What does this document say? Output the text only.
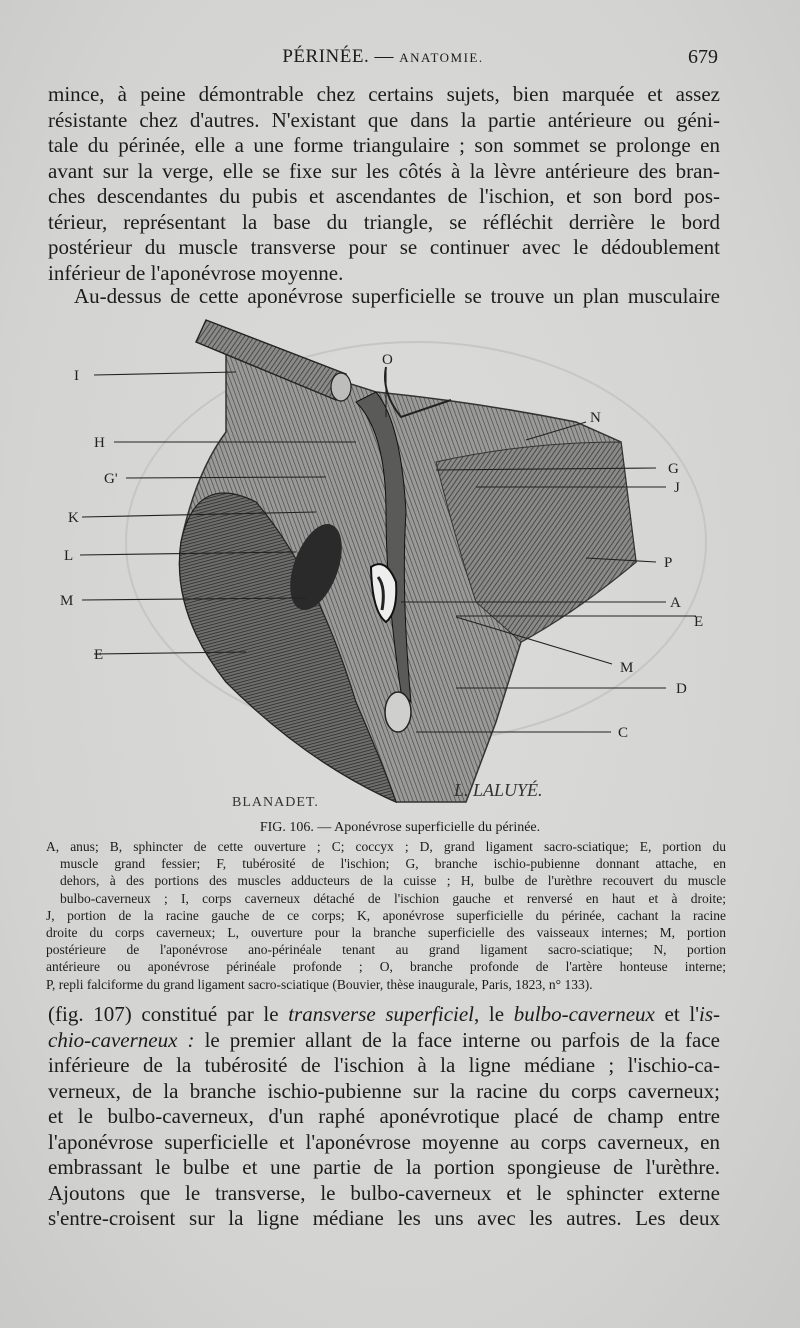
PÉRINÉE. — ANATOMIE.	679
mince, à peine démontrable chez certains sujets, bien marquée et assez
résistante chez d'autres. N'existant que dans la partie antérieure ou géni-
tale du périnée, elle a une forme triangulaire ; son sommet se prolonge en
avant sur la verge, elle se fixe sur les côtés à la lèvre antérieure des bran-
ches descendantes du pubis et ascendantes de l'ischion, et son bord pos-
térieur, représentant la base du triangle, se réfléchit derrière le bord
postérieur du muscle transverse pour se continuer avec le dédoublement
inférieur de l'aponévrose moyenne.
Au-dessus de cette aponévrose superficielle se trouve un plan musculaire
I
H
G'
K
L
M
E
O
N
G
J
P
A
E
M
D
C
BLANADET.
L. LALUYÉ.
FIG. 106. — Aponévrose superficielle du périnée.
A, anus; B, sphincter de cette ouverture ; C; coccyx ; D, grand ligament sacro-sciatique; E, portion du
muscle grand fessier; F, tubérosité de l'ischion; G, branche ischio-pubienne donnant attache, en
dehors, à des portions des muscles adducteurs de la cuisse ; H, bulbe de l'urèthre recouvert du muscle
bulbo-caverneux ; I, corps caverneux détaché de l'ischion gauche et renversé en haut et à droite;
J, portion de la racine gauche de ce corps; K, aponévrose superficielle du périnée, cachant la racine
droite du corps caverneux; L, ouverture pour la branche superficielle des vaisseaux internes; M, portion
postérieure de l'aponévrose ano-périnéale tenant au grand ligament sacro-sciatique; N, portion
antérieure ou aponévrose périnéale profonde ; O, branche profonde de l'artère honteuse interne;
P, repli falciforme du grand ligament sacro-sciatique (Bouvier, thèse inaugurale, Paris, 1823, n° 133).
(fig. 107) constitué par le transverse superficiel, le bulbo-caverneux et l'is-
chio-caverneux : le premier allant de la face interne ou parfois de la face
inférieure de la tubérosité de l'ischion à la ligne médiane ; l'ischio-ca-
verneux, de la branche ischio-pubienne sur la racine du corps caverneux;
et le bulbo-caverneux, d'un raphé aponévrotique placé de champ entre
l'aponévrose superficielle et l'aponévrose moyenne au corps caverneux, en
embrassant le bulbe et une partie de la portion spongieuse de l'urèthre.
Ajoutons que le transverse, le bulbo-caverneux et le sphincter externe
s'entre-croisent sur la ligne médiane les uns avec les autres. Les deux
